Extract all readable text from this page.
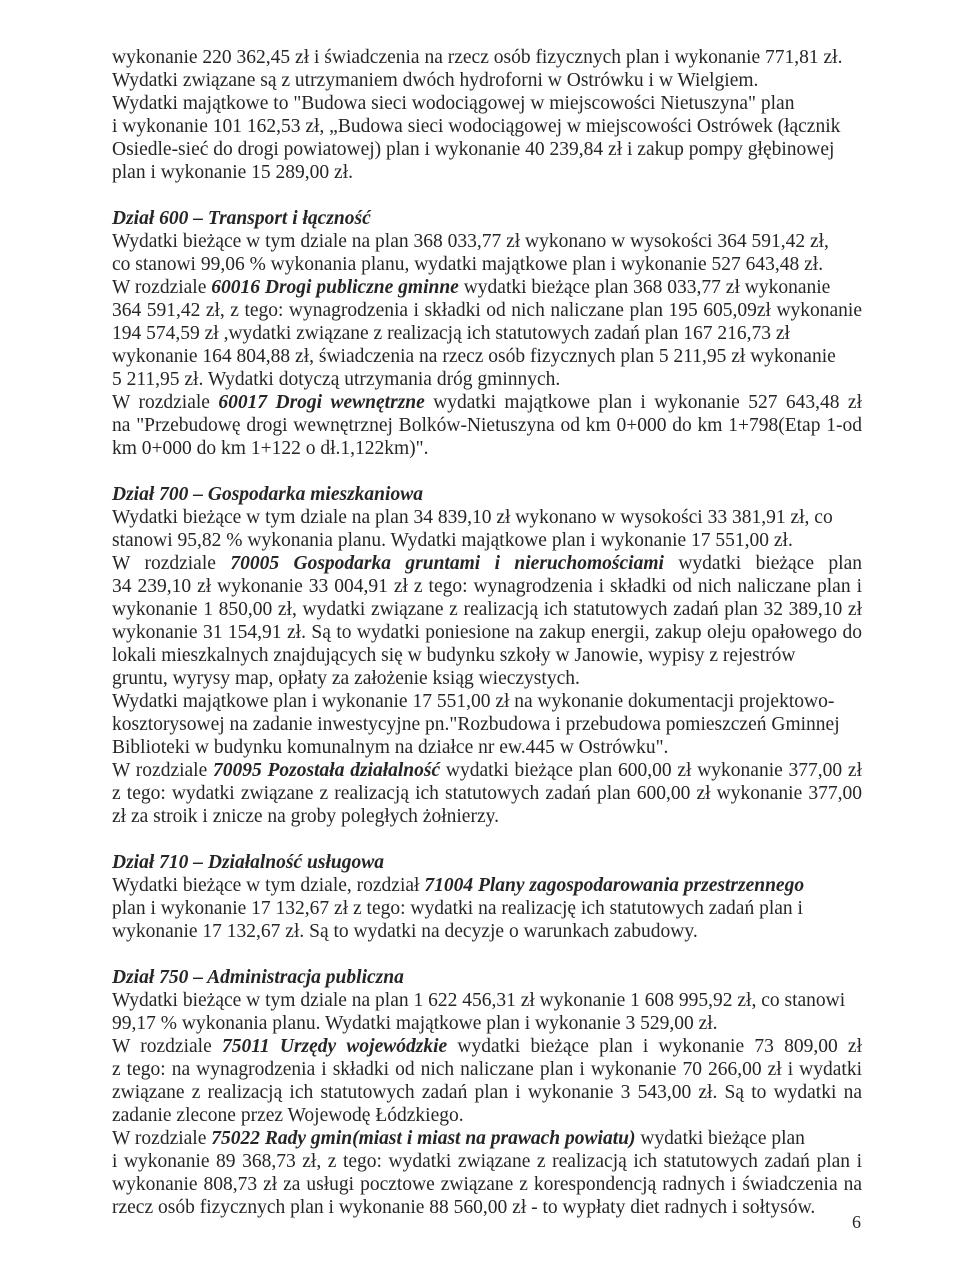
wykonanie 220 362,45 zł i świadczenia na rzecz osób fizycznych plan i wykonanie 771,81 zł.
Wydatki związane są z utrzymaniem dwóch hydroforni w Ostrówku i w Wielgiem.
Wydatki majątkowe to "Budowa sieci wodociągowej w miejscowości Nietuszyna" plan
i wykonanie 101 162,53 zł, „Budowa sieci wodociągowej w miejscowości Ostrówek (łącznik
Osiedle-sieć do drogi powiatowej) plan i wykonanie 40 239,84 zł i zakup pompy głębinowej
plan i wykonanie 15 289,00 zł.
Dział 600 – Transport i łączność
Wydatki bieżące w tym dziale na plan 368 033,77 zł wykonano w wysokości 364 591,42 zł,
co stanowi 99,06 % wykonania planu, wydatki majątkowe plan i wykonanie 527 643,48 zł.
W rozdziale 60016 Drogi publiczne gminne wydatki bieżące plan 368 033,77 zł wykonanie
364 591,42 zł, z tego: wynagrodzenia i składki od nich naliczane plan 195 605,09zł wykonanie
194 574,59 zł ,wydatki związane z realizacją ich statutowych zadań plan 167 216,73 zł
wykonanie 164 804,88 zł, świadczenia na rzecz osób fizycznych plan 5 211,95 zł wykonanie
5 211,95 zł. Wydatki dotyczą utrzymania dróg gminnych.
W rozdziale 60017 Drogi wewnętrzne wydatki majątkowe plan i wykonanie 527 643,48 zł
na "Przebudowę drogi wewnętrznej Bolków-Nietuszyna od km 0+000 do km 1+798(Etap 1-od
km 0+000 do km 1+122 o dł.1,122km)".
Dział 700 – Gospodarka mieszkaniowa
Wydatki bieżące w tym dziale na plan 34 839,10 zł wykonano w wysokości 33 381,91 zł, co
stanowi 95,82 % wykonania planu. Wydatki majątkowe plan i wykonanie 17 551,00 zł.
W rozdziale 70005 Gospodarka gruntami i nieruchomościami wydatki bieżące plan
34 239,10 zł wykonanie 33 004,91 zł z tego: wynagrodzenia i składki od nich naliczane plan i
wykonanie 1 850,00 zł, wydatki związane z realizacją ich statutowych zadań plan 32 389,10 zł
wykonanie 31 154,91 zł. Są to wydatki poniesione na zakup energii, zakup oleju opałowego do
lokali mieszkalnych znajdujących się w budynku szkoły w Janowie, wypisy z rejestrów
gruntu, wyrysy map, opłaty za założenie ksiąg wieczystych.
Wydatki majątkowe plan i wykonanie 17 551,00 zł na wykonanie dokumentacji projektowo-
kosztorysowej na zadanie inwestycyjne pn."Rozbudowa i przebudowa pomieszczeń Gminnej
Biblioteki w budynku komunalnym na działce nr ew.445 w Ostrówku".
W rozdziale 70095 Pozostała działalność wydatki bieżące plan 600,00 zł wykonanie 377,00 zł
z tego: wydatki związane z realizacją ich statutowych zadań plan 600,00 zł wykonanie 377,00
zł za stroik i znicze na groby poległych żołnierzy.
Dział 710 – Działalność usługowa
Wydatki bieżące w tym dziale, rozdział 71004 Plany zagospodarowania przestrzennego
plan i wykonanie 17 132,67 zł z tego: wydatki na realizację ich statutowych zadań plan i
wykonanie 17 132,67 zł. Są to wydatki na decyzje o warunkach zabudowy.
Dział 750 – Administracja publiczna
Wydatki bieżące w tym dziale na plan 1 622 456,31 zł wykonanie 1 608 995,92 zł, co stanowi
99,17 % wykonania planu. Wydatki majątkowe plan i wykonanie 3 529,00 zł.
W rozdziale 75011 Urzędy wojewódzkie wydatki bieżące plan i wykonanie 73 809,00 zł
z tego: na wynagrodzenia i składki od nich naliczane plan i wykonanie 70 266,00 zł i wydatki
związane z realizacją ich statutowych zadań plan i wykonanie 3 543,00 zł. Są to wydatki na
zadanie zlecone przez Wojewodę Łódzkiego.
W rozdziale 75022 Rady gmin(miast i miast na prawach powiatu) wydatki bieżące plan
i wykonanie 89 368,73 zł, z tego: wydatki związane z realizacją ich statutowych zadań plan i
wykonanie 808,73 zł za usługi pocztowe związane z korespondencją radnych i świadczenia na
rzecz osób fizycznych plan i wykonanie 88 560,00 zł - to wypłaty diet radnych i sołtysów.
6
